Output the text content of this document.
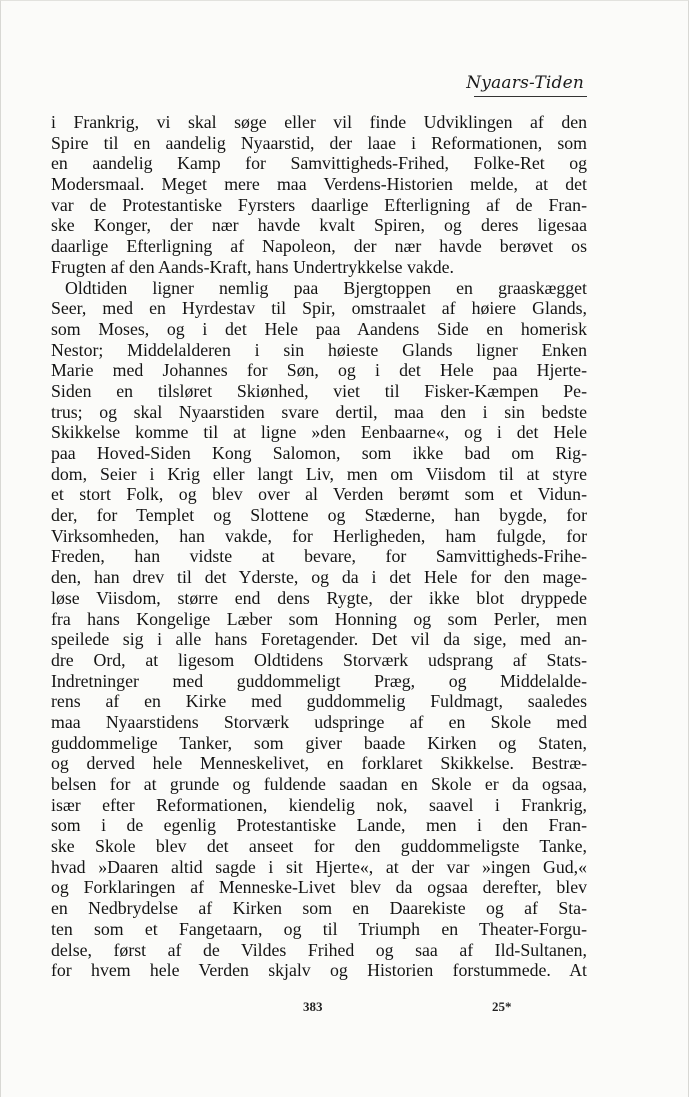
Nyaars-Tiden
i Frankrig, vi skal søge eller vil finde Udviklingen af den
Spire til en aandelig Nyaarstid, der laae i Reformationen, som
en aandelig Kamp for Samvittigheds-Frihed, Folke-Ret og
Modersmaal. Meget mere maa Verdens-Historien melde, at det
var de Protestantiske Fyrsters daarlige Efterligning af de Fran-
ske Konger, der nær havde kvalt Spiren, og deres ligesaa
daarlige Efterligning af Napoleon, der nær havde berøvet os
Frugten af den Aands-Kraft, hans Undertrykkelse vakde.
Oldtiden ligner nemlig paa Bjergtoppen en graaskægget
Seer, med en Hyrdestav til Spir, omstraalet af høiere Glands,
som Moses, og i det Hele paa Aandens Side en homerisk
Nestor; Middelalderen i sin høieste Glands ligner Enken
Marie med Johannes for Søn, og i det Hele paa Hjerte-
Siden en tilsløret Skiønhed, viet til Fisker-Kæmpen Pe-
trus; og skal Nyaarstiden svare dertil, maa den i sin bedste
Skikkelse komme til at ligne »den Eenbaarne«, og i det Hele
paa Hoved-Siden Kong Salomon, som ikke bad om Rig-
dom, Seier i Krig eller langt Liv, men om Viisdom til at styre
et stort Folk, og blev over al Verden berømt som et Vidun-
der, for Templet og Slottene og Stæderne, han bygde, for
Virksomheden, han vakde, for Herligheden, ham fulgde, for
Freden, han vidste at bevare, for Samvittigheds-Frihe-
den, han drev til det Yderste, og da i det Hele for den mage-
løse Viisdom, større end dens Rygte, der ikke blot dryppede
fra hans Kongelige Læber som Honning og som Perler, men
speilede sig i alle hans Foretagender. Det vil da sige, med an-
dre Ord, at ligesom Oldtidens Storværk udsprang af Stats-
Indretninger med guddommeligt Præg, og Middelalde-
rens af en Kirke med guddommelig Fuldmagt, saaledes
maa Nyaarstidens Storværk udspringe af en Skole med
guddommelige Tanker, som giver baade Kirken og Staten,
og derved hele Menneskelivet, en forklaret Skikkelse. Bestræ-
belsen for at grunde og fuldende saadan en Skole er da ogsaa,
især efter Reformationen, kiendelig nok, saavel i Frankrig,
som i de egenlig Protestantiske Lande, men i den Fran-
ske Skole blev det anseet for den guddommeligste Tanke,
hvad »Daaren altid sagde i sit Hjerte«, at der var »ingen Gud,«
og Forklaringen af Menneske-Livet blev da ogsaa derefter, blev
en Nedbrydelse af Kirken som en Daarekiste og af Sta-
ten som et Fangetaarn, og til Triumph en Theater-Forgu-
delse, først af de Vildes Frihed og saa af Ild-Sultanen,
for hvem hele Verden skjalv og Historien forstummede. At
383	25*
